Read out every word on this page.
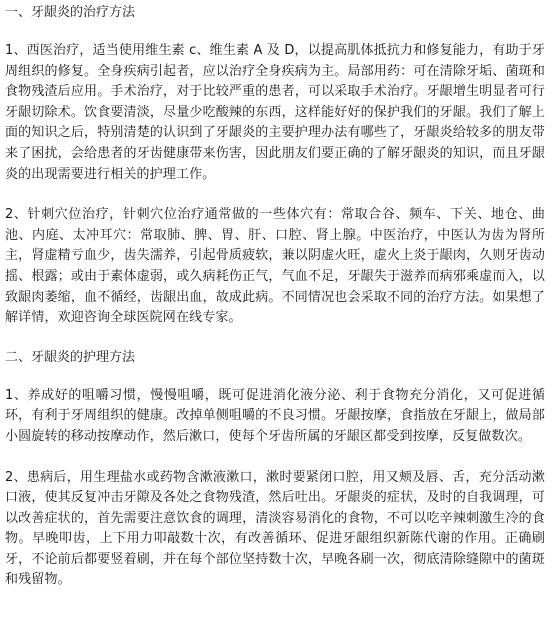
一、牙龈炎的治疗方法

1、西医治疗，适当使用维生素 c、维生素 A 及 D，以提高肌体抵抗力和修复能力，有助于牙周组织的修复。全身疾病引起者，应以治疗全身疾病为主。局部用药：可在清除牙垢、菌斑和食物残渣后应用。手术治疗，对于比较严重的患者，可以采取手术治疗。牙龈增生明显者可行牙龈切除术。饮食要清淡，尽量少吃酸辣的东西，这样能好好的保护我们的牙龈。我们了解上面的知识之后，特别清楚的认识到了牙龈炎的主要护理办法有哪些了，牙龈炎给较多的朋友带来了困扰，会给患者的牙齿健康带来伤害，因此朋友们要正确的了解牙龈炎的知识，而且牙龈炎的出现需要进行相关的护理工作。

2、针刺穴位治疗，针刺穴位治疗通常做的一些体穴有：常取合谷、频车、下关、地仓、曲池、内庭、太冲耳穴：常取肺、脾、胃、肝、口腔、肾上腺。中医治疗，中医认为齿为肾所主，肾虚精亏血少，齿失濡养，引起骨质疲软，兼以阴虚火旺，虚火上炎于龈肉，久则牙齿动摇、根露；或由于素体虚弱，或久病耗伤正气，气血不足，牙龈失于滋养而病邪乘虚而入，以致龈肉萎缩，血不循经，齿龈出血，故成此病。不同情况也会采取不同的治疗方法。如果想了解详情，欢迎咨询全球医院网在线专家。

二、牙龈炎的护理方法

1、养成好的咀嚼习惯，慢慢咀嚼，既可促进消化液分泌、利于食物充分消化，又可促进循环，有利于牙周组织的健康。改掉单侧咀嚼的不良习惯。牙龈按摩，食指放在牙龈上，做局部小圆旋转的移动按摩动作，然后漱口，使每个牙齿所属的牙龈区都受到按摩，反复做数次。

2、患病后，用生理盐水或药物含漱液漱口，漱时要紧闭口腔，用又颊及唇、舌，充分活动漱口液，使其反复冲击牙隙及各处之食物残渣，然后吐出。牙龈炎的症状，及时的自我调理，可以改善症状的，首先需要注意饮食的调理，清淡容易消化的食物，不可以吃辛辣刺激生冷的食物。早晚叩齿，上下用力叩敲数十次，有改善循环、促进牙龈组织新陈代谢的作用。正确刷牙，不论前后都要竖着刷，并在每个部位坚持数十次，早晚各刷一次，彻底清除缝隙中的菌斑和残留物。
